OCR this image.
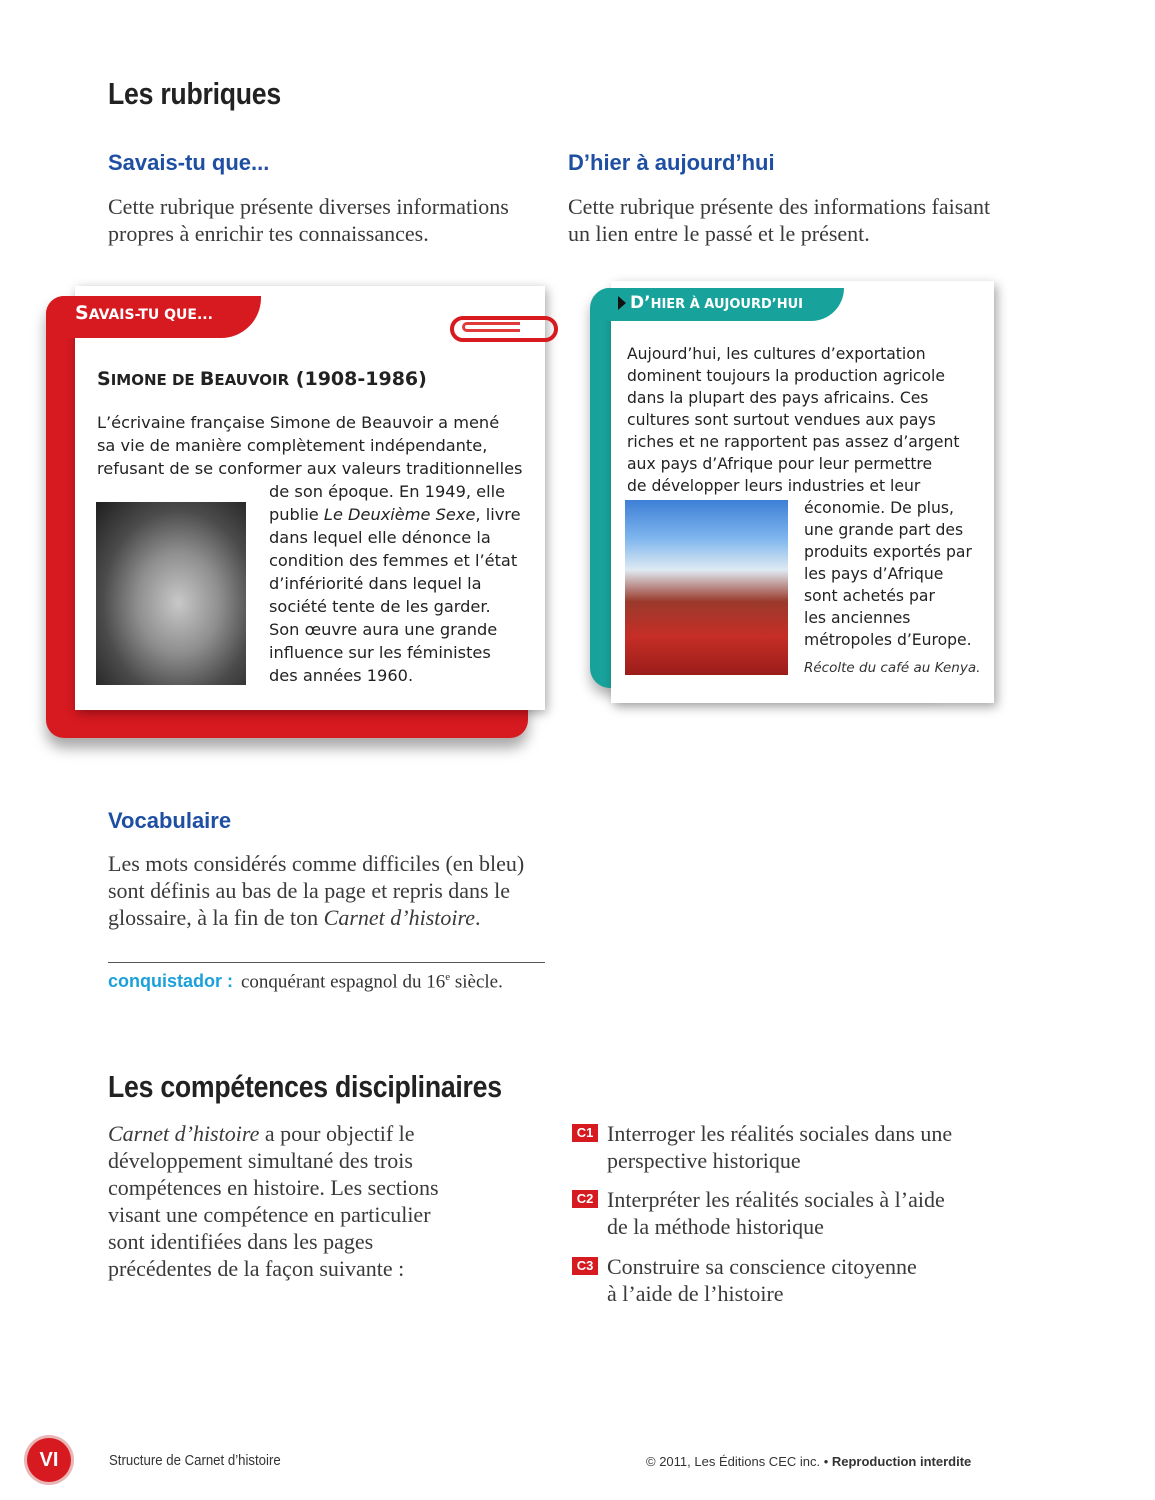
Les rubriques
Savais-tu que...
Cette rubrique présente diverses informations
propres à enrichir tes connaissances.
D’hier à aujourd’hui
Cette rubrique présente des informations faisant
un lien entre le passé et le présent.
SAVAIS-TU QUE...
SIMONE DE BEAUVOIR (1908-1986)
L’écrivaine française Simone de Beauvoir a mené
sa vie de manière complètement indépendante,
refusant de se conformer aux valeurs traditionnelles
de son époque. En 1949, elle
publie Le Deuxième Sexe, livre
dans lequel elle dénonce la
condition des femmes et l’état
d’infériorité dans lequel la
société tente de les garder.
Son œuvre aura une grande
influence sur les féministes
des années 1960.
D’HIER À AUJOURD’HUI
Aujourd’hui, les cultures d’exportation
dominent toujours la production agricole
dans la plupart des pays africains. Ces
cultures sont surtout vendues aux pays
riches et ne rapportent pas assez d’argent
aux pays d’Afrique pour leur permettre
de développer leurs industries et leur
économie. De plus,
une grande part des
produits exportés par
les pays d’Afrique
sont achetés par
les anciennes
métropoles d’Europe.
Récolte du café au Kenya.
Vocabulaire
Les mots considérés comme difficiles (en bleu)
sont définis au bas de la page et repris dans le
glossaire, à la fin de ton Carnet d’histoire.
conquistador : conquérant espagnol du 16e siècle.
Les compétences disciplinaires
Carnet d’histoire a pour objectif le
développement simultané des trois
compétences en histoire. Les sections
visant une compétence en particulier
sont identifiées dans les pages
précédentes de la façon suivante :
C1 Interroger les réalités sociales dans une
perspective historique
C2 Interpréter les réalités sociales à l’aide
de la méthode historique
C3 Construire sa conscience citoyenne
à l’aide de l’histoire
VI	Structure de Carnet d’histoire	© 2011, Les Éditions CEC inc. • Reproduction interdite
